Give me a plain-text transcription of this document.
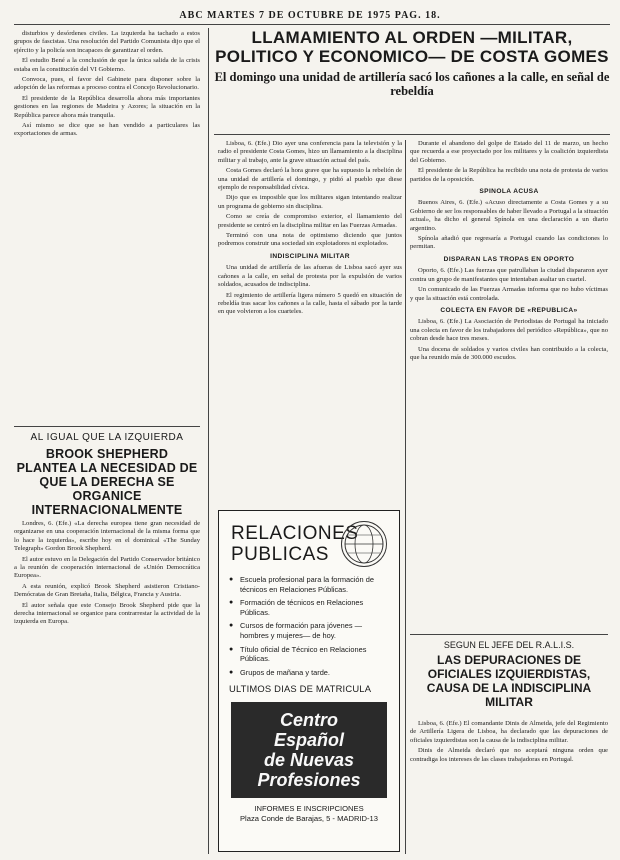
ABC MARTES 7 DE OCTUBRE DE 1975 PAG. 18.

disturbios y desórdenes civiles. La izquierda ha tachado a estos grupos de fascistas. Una resolución del Partido Comunista dijo que el ejército y la policía son incapaces de garantizar el orden.

El estudio Bené a la conclusión de que la única salida de la crisis estaba en la constitución del VI Gobierno.

Convoca, pues, el favor del Gabinete para disponer sobre la adopción de las reformas a proceso contra el Concejo Revolucionario.

El presidente de la República desarrolla ahora más importantes gestiones en las regiones de Madeira y Azores; la situación en la República parece ahora más tranquila.

Así mismo se dice que se han vendido a particulares las exportaciones de armas.

AL IGUAL QUE LA IZQUIERDA
BROOK SHEPHERD PLANTEA LA NECESIDAD DE QUE LA DERECHA SE ORGANICE INTERNACIONALMENTE

Londres, 6. (Efe.) «La derecha europea tiene gran necesidad de organizarse en una cooperación internacional de la misma forma que lo hace la izquierda», escribe hoy en el dominical «The Sunday Telegraph» Gordon Brook Shepherd.

El autor estuvo en la Delegación del Partido Conservador británico a la reunión de cooperación internacional de «Unión Democrática Europea».

A esta reunión, explicó Brook Shepherd asistieron Cristiano-Demócratas de Gran Bretaña, Italia, Bélgica, Francia y Austria.

El autor señala que este Consejo Brook Shepherd pide que la derecha internacional se organice para contrarrestar la actividad de la izquierda en Europa.

LLAMAMIENTO AL ORDEN —MILITAR, POLITICO Y ECONOMICO— DE COSTA GOMES
El domingo una unidad de artillería sacó los cañones a la calle, en señal de rebeldía

Lisboa, 6. (Efe.) Dio ayer una conferencia para la televisión y la radio el presidente Costa Gomes, hizo un llamamiento a la disciplina militar y al trabajo, ante la grave situación actual del país.

Costa Gomes declaró la hora grave que ha supuesto la rebelión de una unidad de artillería el domingo, y pidió al pueblo que diese ejemplo de responsabilidad cívica.

Dijo que es imposible que los militares sigan intentando realizar un programa de gobierno sin disciplina.

Como se creía de compromiso exterior, el llamamiento del presidente se centró en la disciplina militar en las Fuerzas Armadas.

Terminó con una nota de optimismo diciendo que juntos podremos construir una sociedad sin explotadores ni explotados.

INDISCIPLINA MILITAR

Una unidad de artillería de las afueras de Lisboa sacó ayer sus cañones a la calle, en señal de protesta por la expulsión de varios soldados, acusados de indisciplina.

El regimiento de artillería ligera número 5 quedó en situación de rebeldía tras sacar los cañones a la calle, hasta el sábado por la tarde en que volvieron a los cuarteles.

Durante el abandono del golpe de Estado del 11 de marzo, un hecho que recuerda a ese proyectado por los militares y la coalición izquierdista del Gobierno.

El presidente de la República ha recibido una nota de protesta de varios partidos de la oposición.

SPINOLA ACUSA

Buenos Aires, 6. (Efe.) «Acuso directamente a Costa Gomes y a su Gobierno de ser los responsables de haber llevado a Portugal a la situación actual», ha dicho el general Spínola en una declaración a un diario argentino.

Spínola añadió que regresaría a Portugal cuando las condiciones lo permitan.

DISPARAN LAS TROPAS EN OPORTO

Oporto, 6. (Efe.) Las fuerzas que patrullaban la ciudad dispararon ayer contra un grupo de manifestantes que intentaban asaltar un cuartel.

Un comunicado de las Fuerzas Armadas informa que no hubo víctimas y que la situación está controlada.

COLECTA EN FAVOR DE «REPUBLICA»

Lisboa, 6. (Efe.) La Asociación de Periodistas de Portugal ha iniciado una colecta en favor de los trabajadores del periódico «República», que no cobran desde hace tres meses.

Una docena de soldados y varios civiles han contribuido a la colecta, que ha reunido más de 300.000 escudos.

RELACIONES PUBLICAS
● Escuela profesional para la formación de técnicos en Relaciones Públicas.
● Formación de técnicos en Relaciones Públicas.
● Cursos de formación para jóvenes —hombres y mujeres— de hoy.
● Título oficial de Técnico en Relaciones Públicas.
● Grupos de mañana y tarde.
ULTIMOS DIAS DE MATRICULA
Centro
Español
de Nuevas
Profesiones
INFORMES E INSCRIPCIONES
Plaza Conde de Barajas, 5 - MADRID-13
SEGUN EL JEFE DEL R.A.L.I.S.
LAS DEPURACIONES DE OFICIALES IZQUIERDISTAS, CAUSA DE LA INDISCIPLINA MILITAR

Lisboa, 6. (Efe.) El comandante Dinis de Almeida, jefe del Regimiento de Artillería Ligera de Lisboa, ha declarado que las depuraciones de oficiales izquierdistas son la causa de la indisciplina militar.

Dinis de Almeida declaró que no aceptará ninguna orden que contradiga los intereses de las clases trabajadoras en Portugal.
